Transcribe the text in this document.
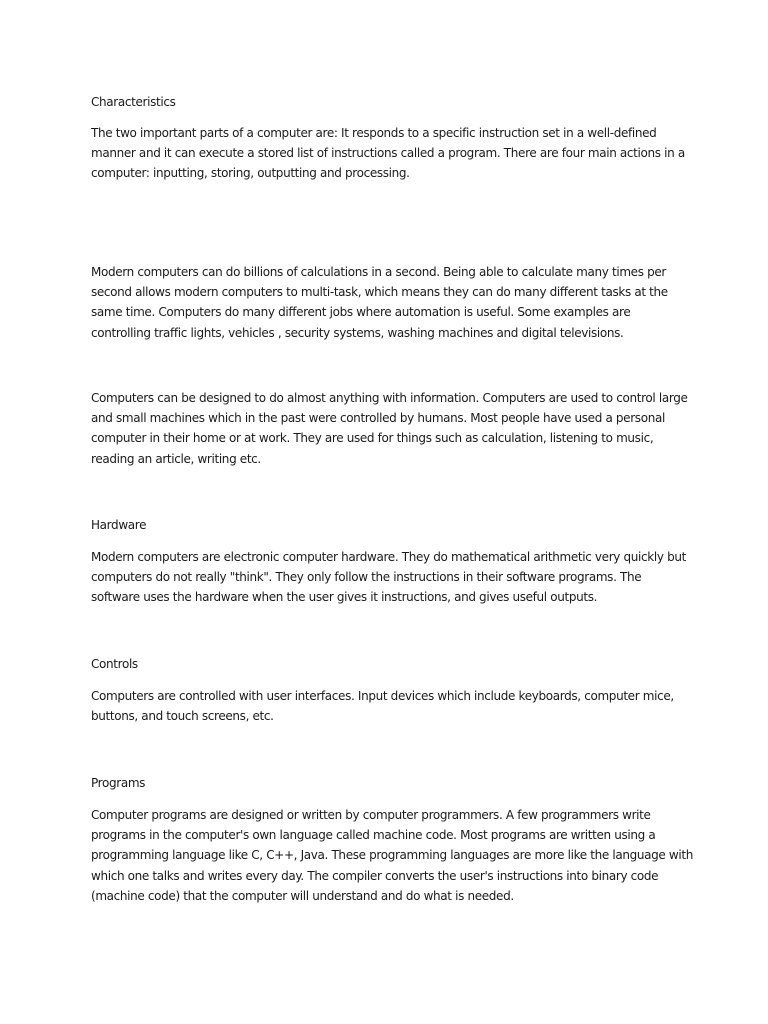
Characteristics
The two important parts of a computer are: It responds to a specific instruction set in a well-defined
manner and it can execute a stored list of instructions called a program. There are four main actions in a
computer: inputting, storing, outputting and processing.
Modern computers can do billions of calculations in a second. Being able to calculate many times per
second allows modern computers to multi-task, which means they can do many different tasks at the
same time. Computers do many different jobs where automation is useful. Some examples are
controlling traffic lights, vehicles , security systems, washing machines and digital televisions.
Computers can be designed to do almost anything with information. Computers are used to control large
and small machines which in the past were controlled by humans. Most people have used a personal
computer in their home or at work. They are used for things such as calculation, listening to music,
reading an article, writing etc.
Hardware
Modern computers are electronic computer hardware. They do mathematical arithmetic very quickly but
computers do not really "think". They only follow the instructions in their software programs. The
software uses the hardware when the user gives it instructions, and gives useful outputs.
Controls
Computers are controlled with user interfaces. Input devices which include keyboards, computer mice,
buttons, and touch screens, etc.
Programs
Computer programs are designed or written by computer programmers. A few programmers write
programs in the computer's own language called machine code. Most programs are written using a
programming language like C, C++, Java. These programming languages are more like the language with
which one talks and writes every day. The compiler converts the user's instructions into binary code
(machine code) that the computer will understand and do what is needed.
